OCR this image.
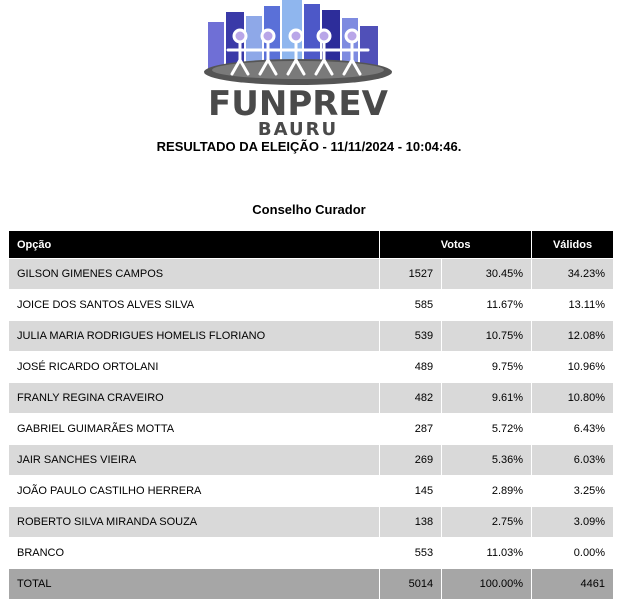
FUNPREV
BAURU
RESULTADO DA ELEIÇÃO - 11/11/2024 - 10:04:46.
Conselho Curador
Opção	Votos		Válidos
GILSON GIMENES CAMPOS	1527	30.45%	34.23%
JOICE DOS SANTOS ALVES SILVA	585	11.67%	13.11%
JULIA MARIA RODRIGUES HOMELIS FLORIANO	539	10.75%	12.08%
JOSÉ RICARDO ORTOLANI	489	9.75%	10.96%
FRANLY REGINA CRAVEIRO	482	9.61%	10.80%
GABRIEL GUIMARÃES MOTTA	287	5.72%	6.43%
JAIR SANCHES VIEIRA	269	5.36%	6.03%
JOÃO PAULO CASTILHO HERRERA	145	2.89%	3.25%
ROBERTO SILVA MIRANDA SOUZA	138	2.75%	3.09%
BRANCO	553	11.03%	0.00%
TOTAL	5014	100.00%	4461
